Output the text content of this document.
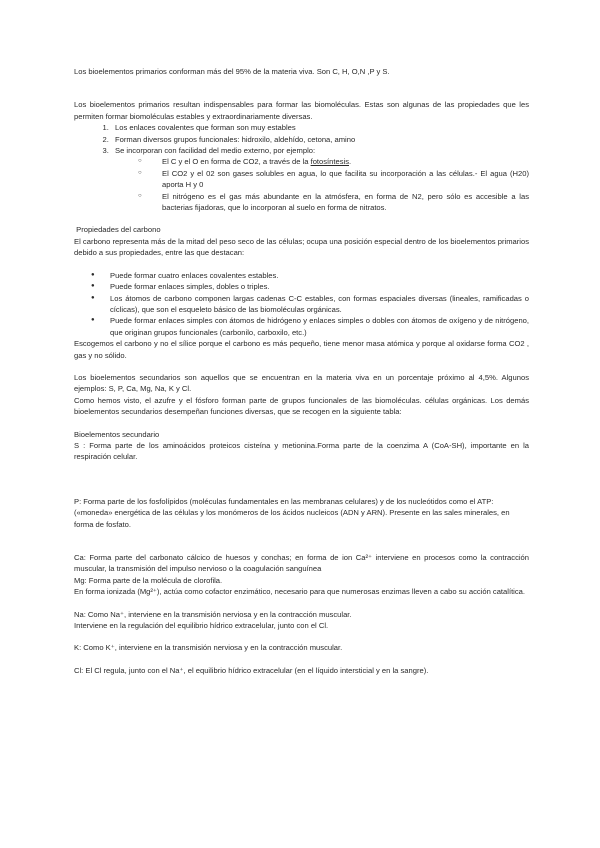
Los bioelementos primarios conforman más del 95% de la materia viva. Son C, H, O,N ,P y S.

Los bioelementos primarios resultan indispensables para formar las biomoléculas. Estas son algunas de las propiedades que les permiten formar biomoléculas estables y extraordinariamente diversas.

1. Los enlaces covalentes que forman son muy estables
2. Forman diversos grupos funcionales: hidroxilo, aldehído, cetona, amino
3. Se incorporan con facilidad del medio externo, por ejemplo:
○ El C y el O en forma de CO2, a través de la fotosíntesis.
○ El CO2 y el 02 son gases solubles en agua, lo que facilita su incorporación a las células.- El agua (H20) aporta H y 0
○ El nitrógeno es el gas más abundante en la atmósfera, en forma de N2, pero sólo es accesible a las bacterias fijadoras, que lo incorporan al suelo en forma de nitratos.

Propiedades del carbono

El carbono representa más de la mitad del peso seco de las células; ocupa una posición especial dentro de los bioelementos primarios debido a sus propiedades, entre las que destacan:

● Puede formar cuatro enlaces covalentes estables.
● Puede formar enlaces simples, dobles o triples.
● Los átomos de carbono componen largas cadenas C-C estables, con formas espaciales diversas (lineales, ramificadas o cíclicas), que son el esqueleto básico de las biomoléculas orgánicas.
● Puede formar enlaces simples con átomos de hidrógeno y enlaces simples o dobles con átomos de oxígeno y de nitrógeno, que originan grupos funcionales (carbonilo, carboxilo, etc.)

Escogemos el carbono y no el sílice porque el carbono es más pequeño, tiene menor masa atómica y porque al oxidarse forma CO2 , gas y no sólido.

Los bioelementos secundarios son aquellos que se encuentran en la materia viva en un porcentaje próximo al 4,5%. Algunos ejemplos: S, P, Ca, Mg, Na, K y Cl.

Como hemos visto, el azufre y el fósforo forman parte de grupos funcionales de las biomoléculas. células orgánicas. Los demás bioelementos secundarios desempeñan funciones diversas, que se recogen en la siguiente tabla:

Bioelementos secundario

S : Forma parte de los aminoácidos proteicos cisteína y metionina.Forma parte de la coenzima A (CoA-SH), importante en la respiración celular.

P: Forma parte de los fosfolípidos (moléculas fundamentales en las membranas celulares) y de los nucleótidos como el ATP: («moneda» energética de las células y los monómeros de los ácidos nucleicos (ADN y ARN). Presente en las sales minerales, en forma de fosfato.

Ca: Forma parte del carbonato cálcico de huesos y conchas; en forma de ion Ca²⁺ interviene en procesos como la contracción muscular, la transmisión del impulso nervioso o la coagulación sanguínea

Mg: Forma parte de la molécula de clorofila.

En forma ionizada (Mg²⁺), actúa como cofactor enzimático, necesario para que numerosas enzimas lleven a cabo su acción catalítica.

Na: Como Na⁺, interviene en la transmisión nerviosa y en la contracción muscular.

Interviene en la regulación del equilibrio hídrico extracelular, junto con el Cl.

K: Como K⁺, interviene en la transmisión nerviosa y en la contracción muscular.

Cl: El Cl regula, junto con el Na⁺, el equilibrio hídrico extracelular (en el líquido intersticial y en la sangre).
